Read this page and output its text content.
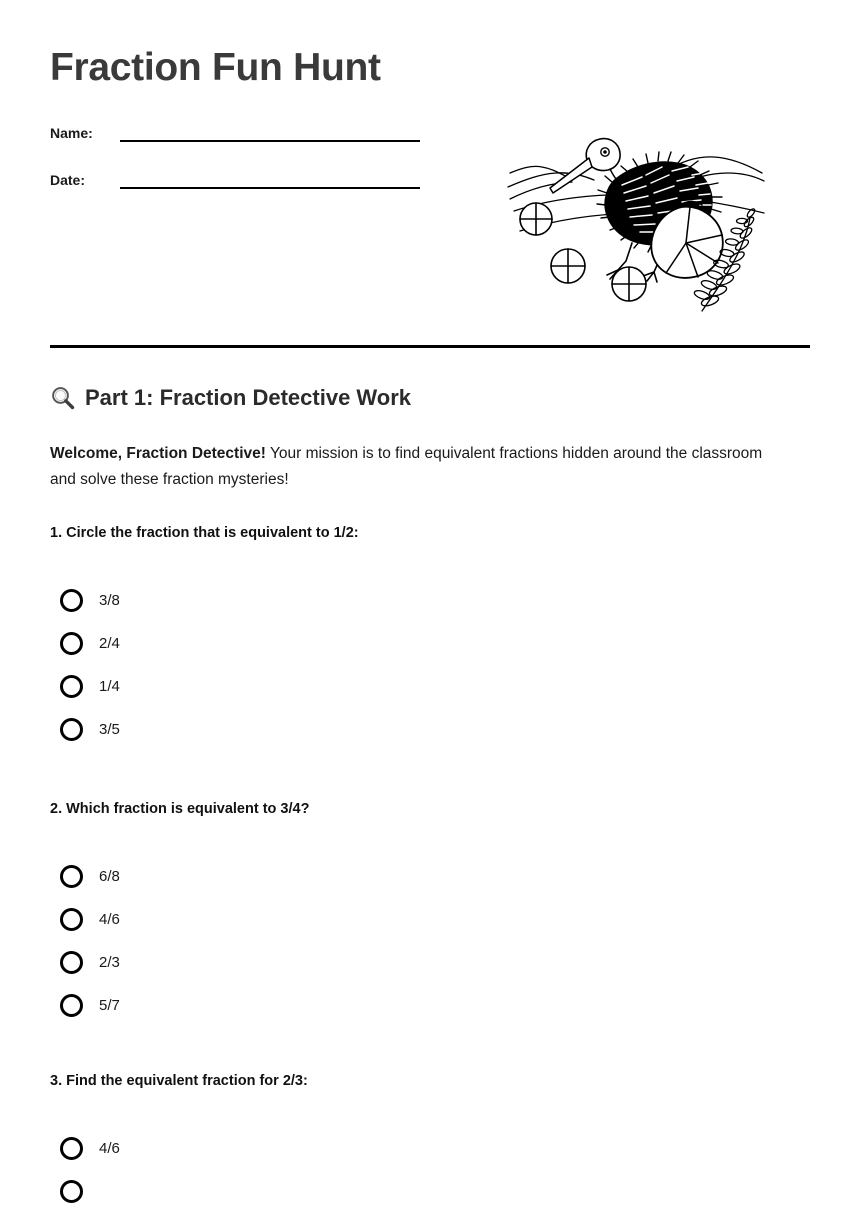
Fraction Fun Hunt
Name:
Date:
Part 1: Fraction Detective Work

Welcome, Fraction Detective! Your mission is to find equivalent fractions hidden around the classroom and solve these fraction mysteries!

1. Circle the fraction that is equivalent to 1/2:

3/8
2/4
1/4
3/5

2. Which fraction is equivalent to 3/4?

6/8
4/6
2/3
5/7

3. Find the equivalent fraction for 2/3:

4/6
